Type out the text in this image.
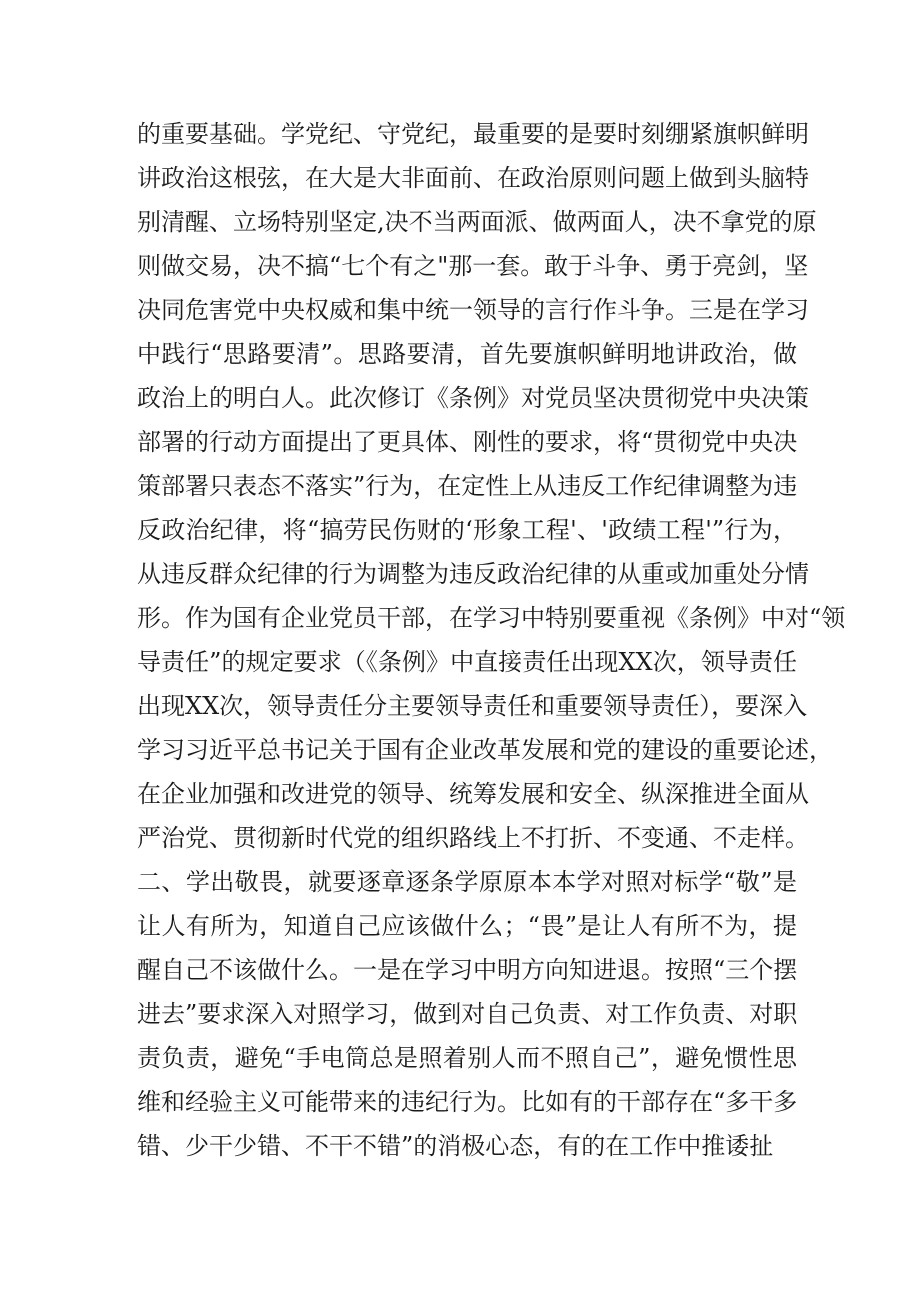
的重要基础。学党纪、守党纪，最重要的是要时刻绷紧旗帜鲜明
讲政治这根弦，在大是大非面前、在政治原则问题上做到头脑特
别清醒、立场特别坚定,决不当两面派、做两面人，决不拿党的原
则做交易，决不搞“七个有之"那一套。敢于斗争、勇于亮剑，坚
决同危害党中央权威和集中统一领导的言行作斗争。三是在学习
中践行“思路要清”。思路要清，首先要旗帜鲜明地讲政治，做
政治上的明白人。此次修订《条例》对党员坚决贯彻党中央决策
部署的行动方面提出了更具体、刚性的要求，将“贯彻党中央决
策部署只表态不落实”行为，在定性上从违反工作纪律调整为违
反政治纪律，将“搞劳民伤财的‘形象工程'、'政绩工程'”行为，
从违反群众纪律的行为调整为违反政治纪律的从重或加重处分情
形。作为国有企业党员干部，在学习中特别要重视《条例》中对“领
导责任”的规定要求（《条例》中直接责任出现XX次，领导责任
出现XX次，领导责任分主要领导责任和重要领导责任），要深入
学习习近平总书记关于国有企业改革发展和党的建设的重要论述，
在企业加强和改进党的领导、统筹发展和安全、纵深推进全面从
严治党、贯彻新时代党的组织路线上不打折、不变通、不走样。
二、学出敬畏，就要逐章逐条学原原本本学对照对标学“敬”是
让人有所为，知道自己应该做什么；“畏”是让人有所不为，提
醒自己不该做什么。一是在学习中明方向知进退。按照“三个摆
进去”要求深入对照学习，做到对自己负责、对工作负责、对职
责负责，避免“手电筒总是照着别人而不照自己”，避免惯性思
维和经验主义可能带来的违纪行为。比如有的干部存在“多干多
错、少干少错、不干不错”的消极心态，有的在工作中推诿扯
